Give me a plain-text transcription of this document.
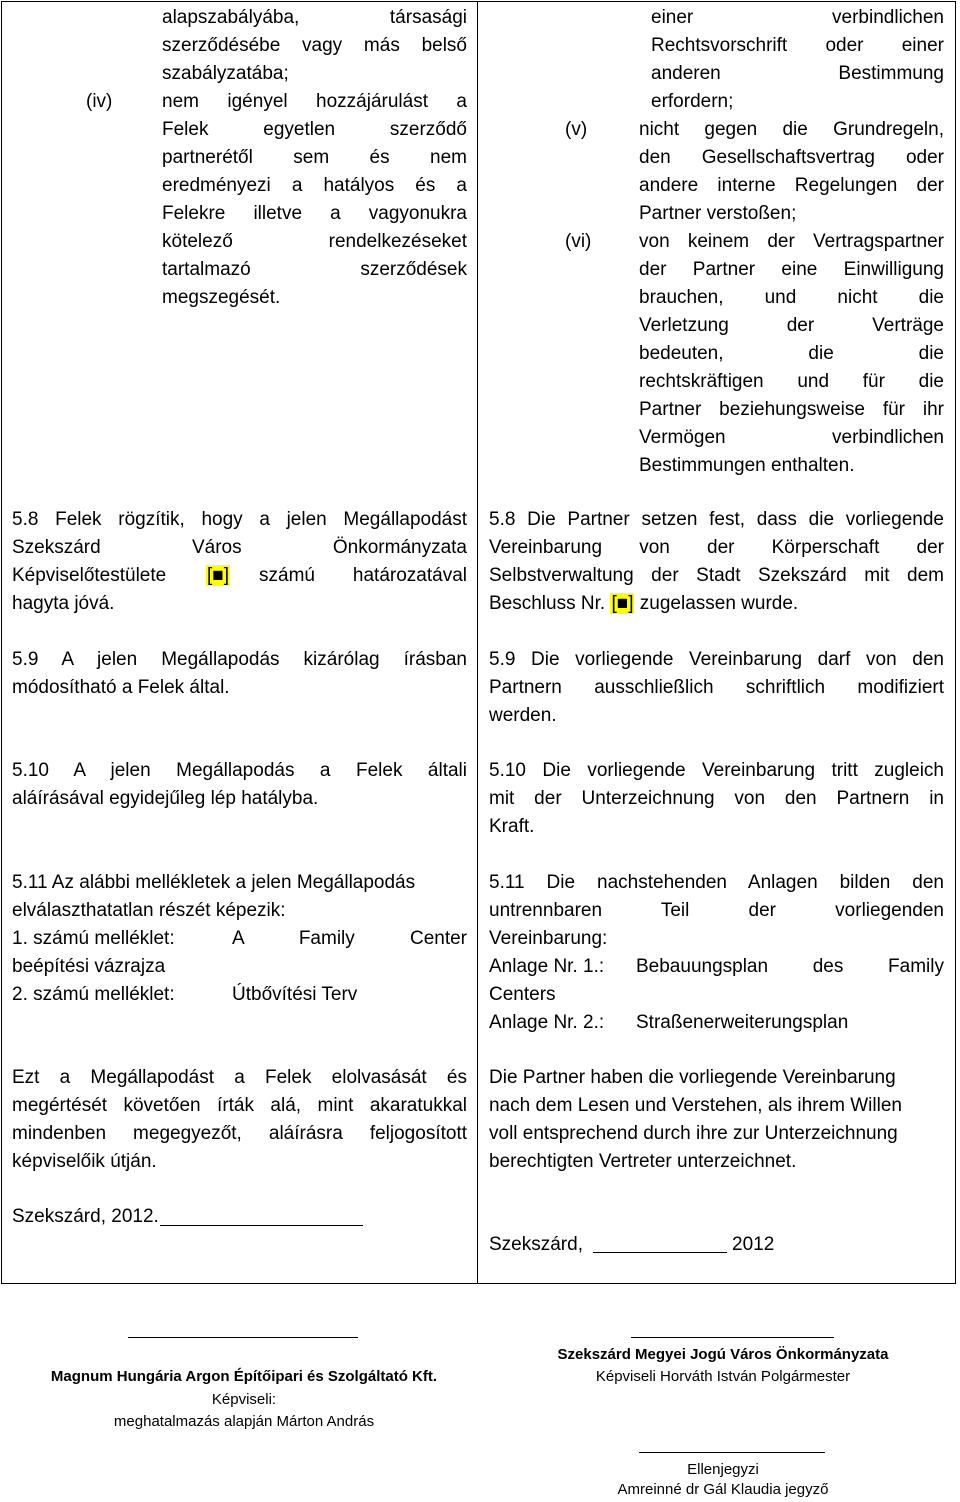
alapszabályába, társasági
szerződésébe vagy más belső
szabályzatába;
(iv)	nem igényel hozzájárulást a
Felek egyetlen szerződő
partnerétől sem és nem
eredményezi a hatályos és a
Felekre illetve a vagyonukra
kötelező rendelkezéseket
tartalmazó szerződések
megszegését.
5.8 Felek rögzítik, hogy a jelen Megállapodást
Szekszárd Város Önkormányzata
Képviselőtestülete [■] számú határozatával
hagyta jóvá.
5.9 A jelen Megállapodás kizárólag írásban
módosítható a Felek által.
5.10 A jelen Megállapodás a Felek általi
aláírásával egyidejűleg lép hatályba.
5.11 Az alábbi mellékletek a jelen Megállapodás
elválaszthatatlan részét képezik:
1. számú melléklet:	A Family Center
beépítési vázrajza
2. számú melléklet:	Útbővítési Terv
Ezt a Megállapodást a Felek elolvasását és
megértését követően írták alá, mint akaratukkal
mindenben megegyezőt, aláírásra feljogosított
képviselőik útján.
Szekszárd, 2012.
einer verbindlichen
Rechtsvorschrift oder einer
anderen Bestimmung
erfordern;
(v)	nicht gegen die Grundregeln,
den Gesellschaftsvertrag oder
andere interne Regelungen der
Partner verstoßen;
(vi)	von keinem der Vertragspartner
der Partner eine Einwilligung
brauchen, und nicht die
Verletzung der Verträge
bedeuten, die die
rechtskräftigen und für die
Partner beziehungsweise für ihr
Vermögen verbindlichen
Bestimmungen enthalten.
5.8 Die Partner setzen fest, dass die vorliegende
Vereinbarung von der Körperschaft der
Selbstverwaltung der Stadt Szekszárd mit dem
Beschluss Nr. [■] zugelassen wurde.
5.9 Die vorliegende Vereinbarung darf von den
Partnern ausschließlich schriftlich modifiziert
werden.
5.10 Die vorliegende Vereinbarung tritt zugleich
mit der Unterzeichnung von den Partnern in
Kraft.
5.11 Die nachstehenden Anlagen bilden den
untrennbaren Teil der vorliegenden
Vereinbarung:
Anlage Nr. 1.: Bebauungsplan des Family
Centers
Anlage Nr. 2.: Straßenerweiterungsplan
Die Partner haben die vorliegende Vereinbarung
nach dem Lesen und Verstehen, als ihrem Willen
voll entsprechend durch ihre zur Unterzeichnung
berechtigten Vertreter unterzeichnet.
Szekszárd,	2012
Magnum Hungária Argon Építőipari és Szolgáltató Kft.
Képviseli:
meghatalmazás alapján Márton András
Szekszárd Megyei Jogú Város Önkormányzata
Képviseli Horváth István Polgármester
Ellenjegyzi
Amreinné dr Gál Klaudia jegyző
